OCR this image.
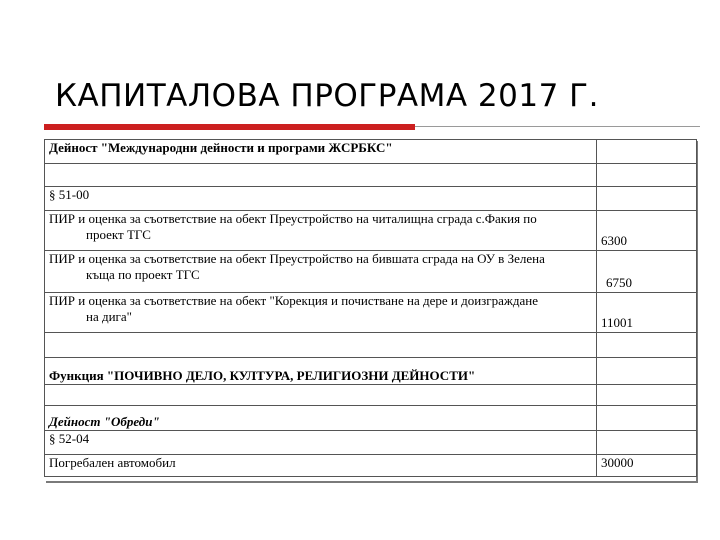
КАПИТАЛОВА ПРОГРАМА 2017 Г.
Дейност "Международни дейности и програми ЖСРБКС"	

§ 51-00	

ПИР и оценка за съответствие на обект Преустройство на читалищна сграда с.Факия по
проект ТГС	6300

ПИР и оценка за съответствие на обект Преустройство на бившата сграда на ОУ в Зелена
къща по проект ТГС	6750

ПИР и оценка за съответствие на обект "Корекция и почистване на дере и доизграждане
на дига"	11001

Функция "ПОЧИВНО ДЕЛО, КУЛТУРА, РЕЛИГИОЗНИ ДЕЙНОСТИ"	

Дейност "Обреди"	
§ 52-04	
Погребален автомобил	30000
